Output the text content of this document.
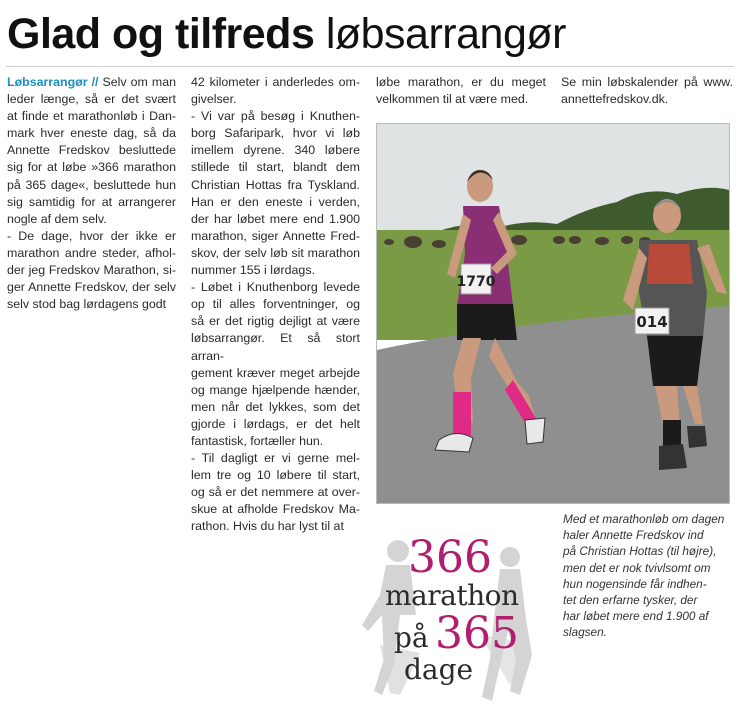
Glad og tilfreds løbsarrangør
Løbsarrangør // Selv om man
leder længe, så er det svært
at finde et marathonløb i Dan-
mark hver eneste dag, så da
Annette Fredskov besluttede
sig for at løbe »366 marathon
på 365 dage«, besluttede hun
sig samtidig for at arrangerer
nogle af dem selv.
- De dage, hvor der ikke er
marathon andre steder, afhol-
der jeg Fredskov Marathon, si-
ger Annette Fredskov, der selv
selv stod bag lørdagens godt
42 kilometer i anderledes om-
givelser.
- Vi var på besøg i Knuthen-
borg Safaripark, hvor vi løb
imellem dyrene. 340 løbere
stillede til start, blandt dem
Christian Hottas fra Tyskland.
Han er den eneste i verden,
der har løbet mere end 1.900
marathon, siger Annette Fred-
skov, der selv løb sit marathon
nummer 155 i lørdags.
- Løbet i Knuthenborg levede
op til alles forventninger, og
så er det rigtig dejligt at være
løbsarrangør. Et så stort arran-
gement kræver meget arbejde
og mange hjælpende hænder,
men når det lykkes, som det
gjorde i lørdags, er det helt
fantastisk, fortæller hun.
- Til dagligt er vi gerne mel-
lem tre og 10 løbere til start,
og så er det nemmere at over-
skue at afholde Fredskov Ma-
rathon. Hvis du har lyst til at
løbe marathon, er du meget
velkommen til at være med.
Se min løbskalender på www.
annettefredskov.dk.
1770
014
Med et marathonløb om dagen
haler Annette Fredskov ind
på Christian Hottas (til højre),
men det er nok tvivlsomt om
hun nogensinde får indhen-
tet den erfarne tysker, der
har løbet mere end 1.900 af
slagsen.
366
marathon
på 365
dage
